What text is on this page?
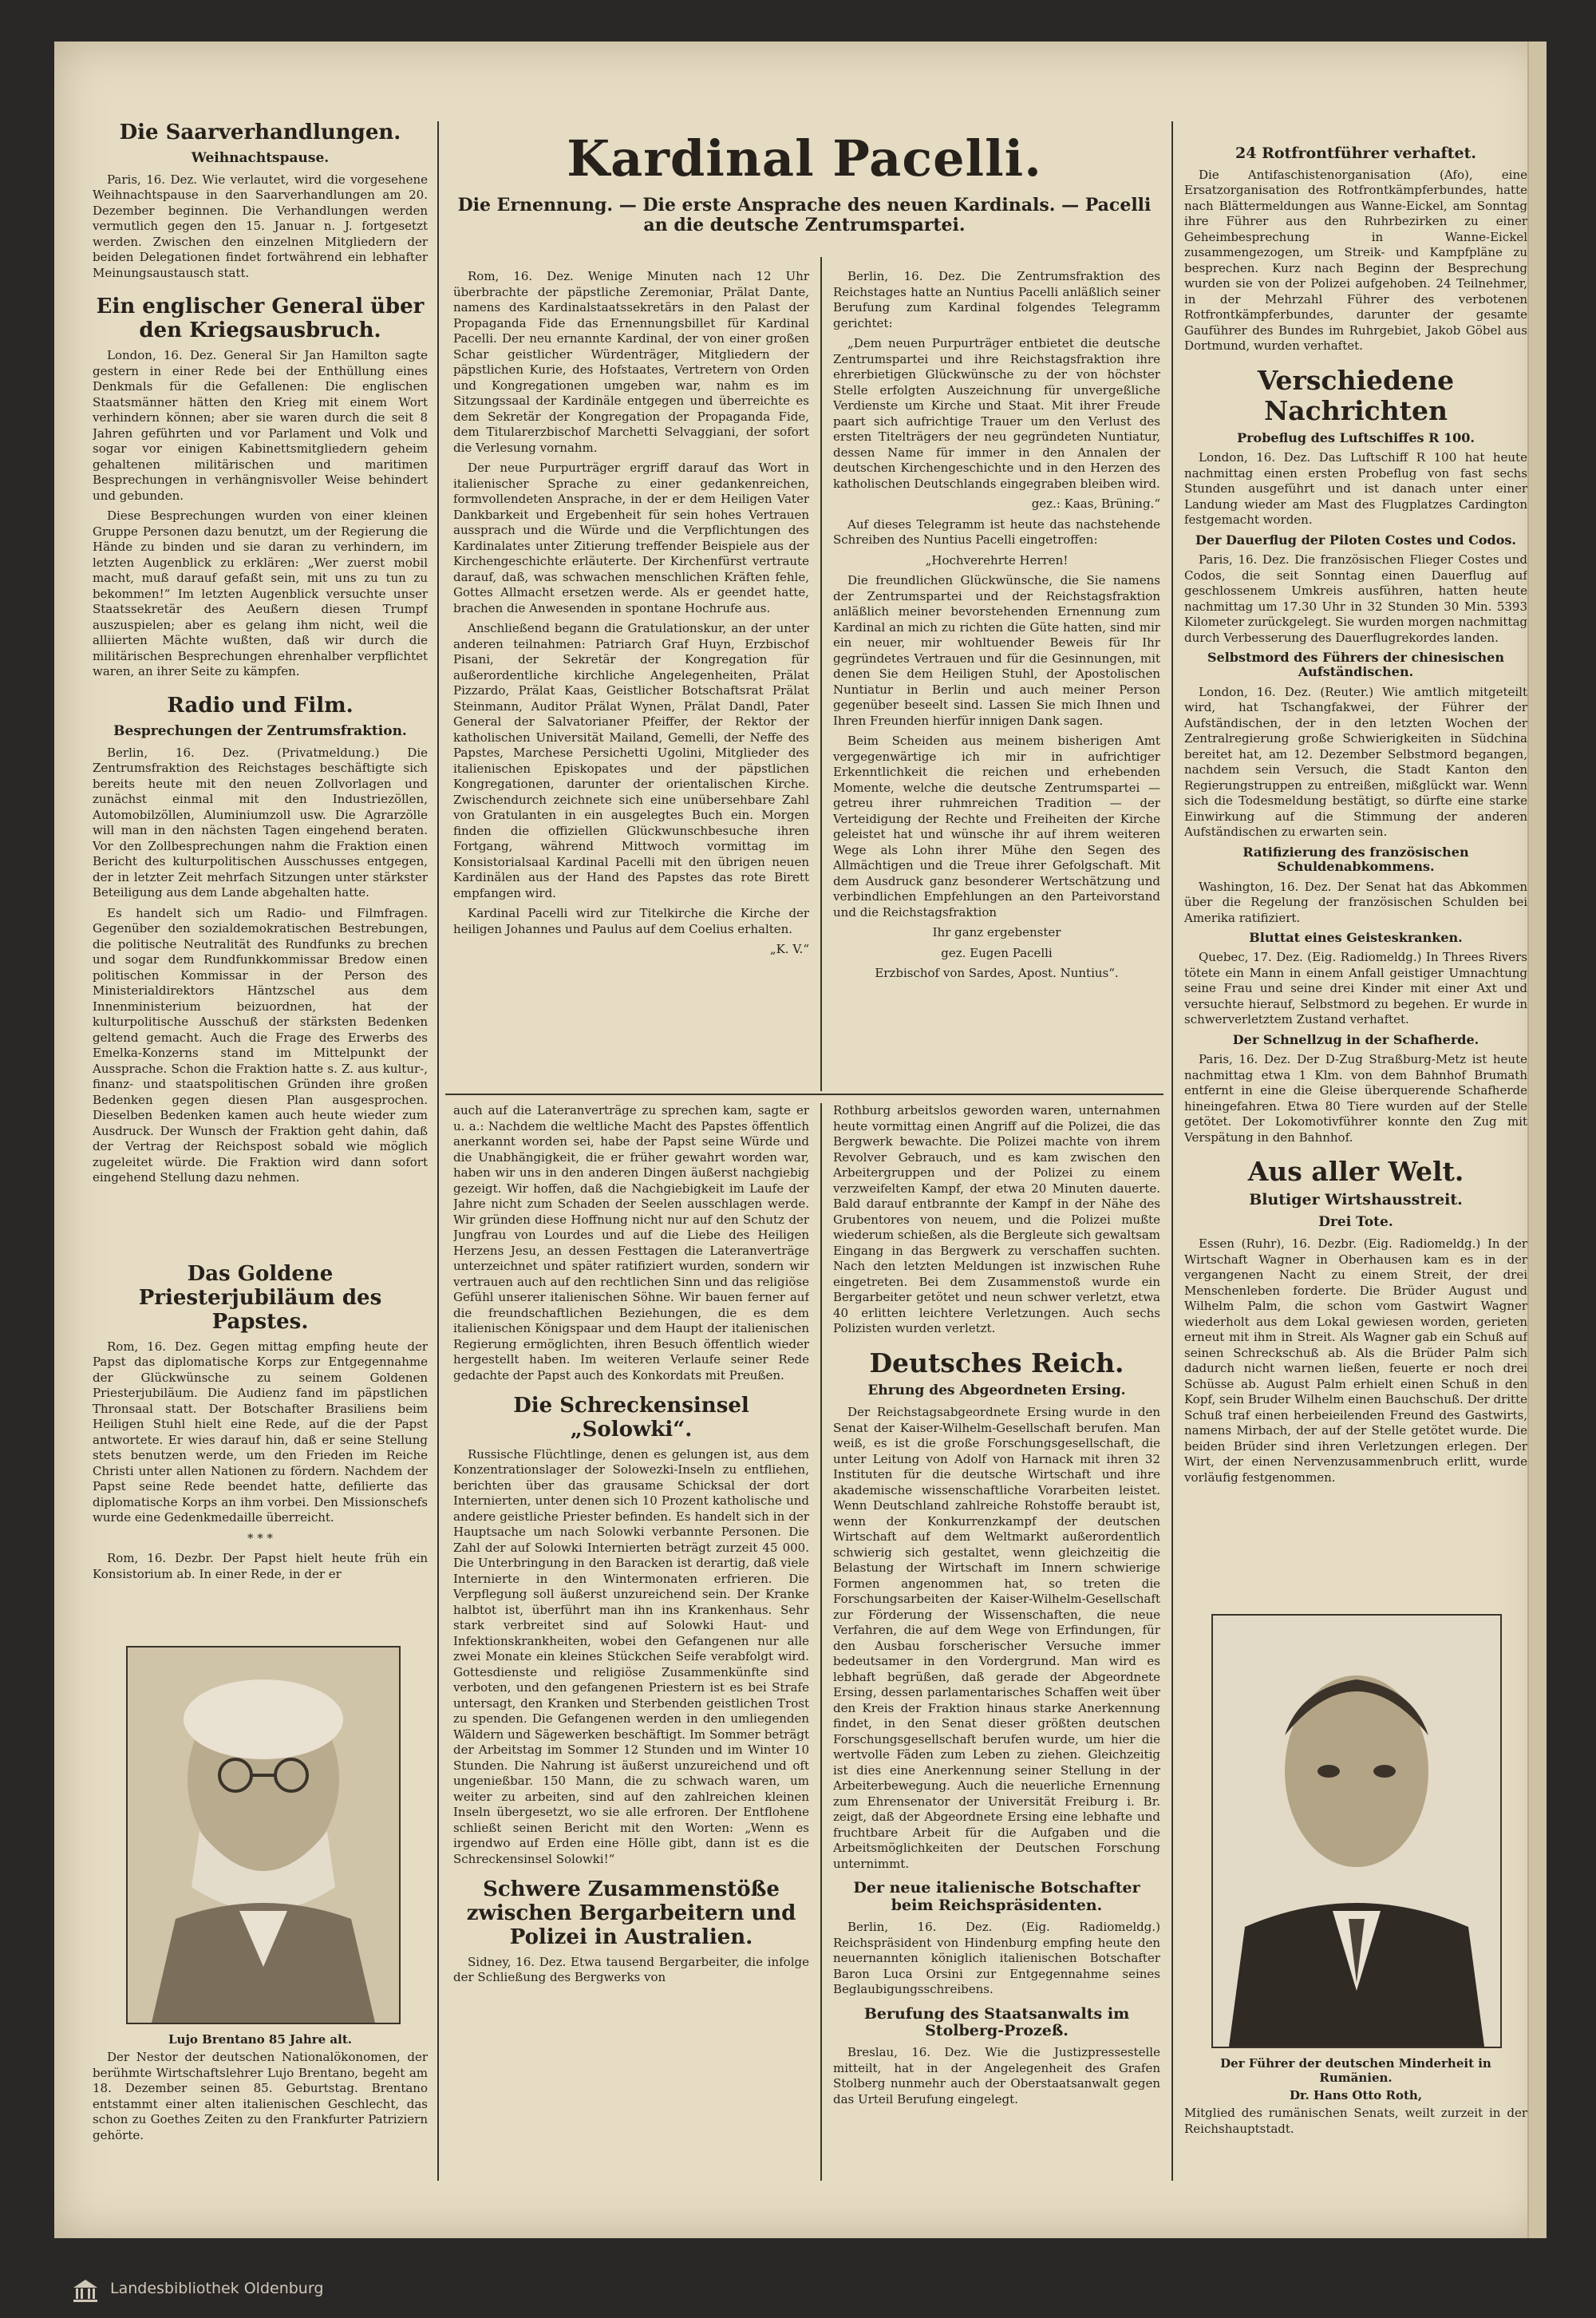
Die Saarverhandlungen.
Weihnachtspause.

Paris, 16. Dez. Wie verlautet, wird die vorgesehene Weihnachtspause in den Saarverhandlungen am 20. Dezember beginnen. Die Verhandlungen werden vermutlich gegen den 15. Januar n. J. fortgesetzt werden. Zwischen den einzelnen Mitgliedern der beiden Delegationen findet fortwährend ein lebhafter Meinungsaustausch statt.

Ein englischer General über den Kriegsausbruch.

London, 16. Dez. General Sir Jan Hamilton sagte gestern in einer Rede bei der Enthüllung eines Denkmals für die Gefallenen: Die englischen Staatsmänner hätten den Krieg mit einem Wort verhindern können; aber sie waren durch die seit 8 Jahren geführten und vor Parlament und Volk und sogar vor einigen Kabinettsmitgliedern geheim gehaltenen militärischen und maritimen Besprechungen in verhängnisvoller Weise behindert und gebunden.

Diese Besprechungen wurden von einer kleinen Gruppe Personen dazu benutzt, um der Regierung die Hände zu binden und sie daran zu verhindern, im letzten Augenblick zu erklären: „Wer zuerst mobil macht, muß darauf gefaßt sein, mit uns zu tun zu bekommen!“ Im letzten Augenblick versuchte unser Staatssekretär des Aeußern diesen Trumpf auszuspielen; aber es gelang ihm nicht, weil die alliierten Mächte wußten, daß wir durch die militärischen Besprechungen ehrenhalber verpflichtet waren, an ihrer Seite zu kämpfen.

Radio und Film.
Besprechungen der Zentrumsfraktion.

Berlin, 16. Dez. (Privatmeldung.) Die Zentrumsfraktion des Reichstages beschäftigte sich bereits heute mit den neuen Zollvorlagen und zunächst einmal mit den Industriezöllen, Automobilzöllen, Aluminiumzoll usw. Die Agrarzölle will man in den nächsten Tagen eingehend beraten. Vor den Zollbesprechungen nahm die Fraktion einen Bericht des kulturpolitischen Ausschusses entgegen, der in letzter Zeit mehrfach Sitzungen unter stärkster Beteiligung aus dem Lande abgehalten hatte.

Es handelt sich um Radio- und Filmfragen. Gegenüber den sozialdemokratischen Bestrebungen, die politische Neutralität des Rundfunks zu brechen und sogar dem Rundfunkkommissar Bredow einen politischen Kommissar in der Person des Ministerialdirektors Häntzschel aus dem Innenministerium beizuordnen, hat der kulturpolitische Ausschuß der stärksten Bedenken geltend gemacht. Auch die Frage des Erwerbs des Emelka-Konzerns stand im Mittelpunkt der Aussprache. Schon die Fraktion hatte s. Z. aus kultur-, finanz- und staatspolitischen Gründen ihre großen Bedenken gegen diesen Plan ausgesprochen. Dieselben Bedenken kamen auch heute wieder zum Ausdruck. Der Wunsch der Fraktion geht dahin, daß der Vertrag der Reichspost sobald wie möglich zugeleitet würde. Die Fraktion wird dann sofort eingehend Stellung dazu nehmen.

Das Goldene Priesterjubiläum des Papstes.

Rom, 16. Dez. Gegen mittag empfing heute der Papst das diplomatische Korps zur Entgegennahme der Glückwünsche zu seinem Goldenen Priesterjubiläum. Die Audienz fand im päpstlichen Thronsaal statt. Der Botschafter Brasiliens beim Heiligen Stuhl hielt eine Rede, auf die der Papst antwortete. Er wies darauf hin, daß er seine Stellung stets benutzen werde, um den Frieden im Reiche Christi unter allen Nationen zu fördern. Nachdem der Papst seine Rede beendet hatte, defilierte das diplomatische Korps an ihm vorbei. Den Missionschefs wurde eine Gedenkmedaille überreicht.

* * *

Rom, 16. Dezbr. Der Papst hielt heute früh ein Konsistorium ab. In einer Rede, in der er

Lujo Brentano 85 Jahre alt.

Der Nestor der deutschen Nationalökonomen, der berühmte Wirtschaftslehrer Lujo Brentano, begeht am 18. Dezember seinen 85. Geburtstag. Brentano entstammt einer alten italienischen Geschlecht, das schon zu Goethes Zeiten zu den Frankfurter Patriziern gehörte.

Kardinal Pacelli.
Die Ernennung. — Die erste Ansprache des neuen Kardinals. — Pacelli an die deutsche Zentrumspartei.

Rom, 16. Dez. Wenige Minuten nach 12 Uhr überbrachte der päpstliche Zeremoniar, Prälat Dante, namens des Kardinalstaatssekretärs in den Palast der Propaganda Fide das Ernennungsbillet für Kardinal Pacelli. Der neu ernannte Kardinal, der von einer großen Schar geistlicher Würdenträger, Mitgliedern der päpstlichen Kurie, des Hofstaates, Vertretern von Orden und Kongregationen umgeben war, nahm es im Sitzungssaal der Kardinäle entgegen und überreichte es dem Sekretär der Kongregation der Propaganda Fide, dem Titularerzbischof Marchetti Selvaggiani, der sofort die Verlesung vornahm.

Der neue Purpurträger ergriff darauf das Wort in italienischer Sprache zu einer gedankenreichen, formvollendeten Ansprache, in der er dem Heiligen Vater Dankbarkeit und Ergebenheit für sein hohes Vertrauen aussprach und die Würde und die Verpflichtungen des Kardinalates unter Zitierung treffender Beispiele aus der Kirchengeschichte erläuterte. Der Kirchenfürst vertraute darauf, daß, was schwachen menschlichen Kräften fehle, Gottes Allmacht ersetzen werde. Als er geendet hatte, brachen die Anwesenden in spontane Hochrufe aus.

Anschließend begann die Gratulationskur, an der unter anderen teilnahmen: Patriarch Graf Huyn, Erzbischof Pisani, der Sekretär der Kongregation für außerordentliche kirchliche Angelegenheiten, Prälat Pizzardo, Prälat Kaas, Geistlicher Botschaftsrat Prälat Steinmann, Auditor Prälat Wynen, Prälat Dandl, Pater General der Salvatorianer Pfeiffer, der Rektor der katholischen Universität Mailand, Gemelli, der Neffe des Papstes, Marchese Persichetti Ugolini, Mitglieder des italienischen Episkopates und der päpstlichen Kongregationen, darunter der orientalischen Kirche. Zwischendurch zeichnete sich eine unübersehbare Zahl von Gratulanten in ein ausgelegtes Buch ein. Morgen finden die offiziellen Glückwunschbesuche ihren Fortgang, während Mittwoch vormittag im Konsistorialsaal Kardinal Pacelli mit den übrigen neuen Kardinälen aus der Hand des Papstes das rote Birett empfangen wird.

Kardinal Pacelli wird zur Titelkirche die Kirche der heiligen Johannes und Paulus auf dem Coelius erhalten.

„K. V.“

Berlin, 16. Dez. Die Zentrumsfraktion des Reichstages hatte an Nuntius Pacelli anläßlich seiner Berufung zum Kardinal folgendes Telegramm gerichtet:

„Dem neuen Purpurträger entbietet die deutsche Zentrumspartei und ihre Reichstagsfraktion ihre ehrerbietigen Glückwünsche zu der von höchster Stelle erfolgten Auszeichnung für unvergeßliche Verdienste um Kirche und Staat. Mit ihrer Freude paart sich aufrichtige Trauer um den Verlust des ersten Titelträgers der neu gegründeten Nuntiatur, dessen Name für immer in den Annalen der deutschen Kirchengeschichte und in den Herzen des katholischen Deutschlands eingegraben bleiben wird.

gez.: Kaas, Brüning.“

Auf dieses Telegramm ist heute das nachstehende Schreiben des Nuntius Pacelli eingetroffen:

„Hochverehrte Herren!

Die freundlichen Glückwünsche, die Sie namens der Zentrumspartei und der Reichstagsfraktion anläßlich meiner bevorstehenden Ernennung zum Kardinal an mich zu richten die Güte hatten, sind mir ein neuer, mir wohltuender Beweis für Ihr gegründetes Vertrauen und für die Gesinnungen, mit denen Sie dem Heiligen Stuhl, der Apostolischen Nuntiatur in Berlin und auch meiner Person gegenüber beseelt sind. Lassen Sie mich Ihnen und Ihren Freunden hierfür innigen Dank sagen.

Beim Scheiden aus meinem bisherigen Amt vergegenwärtige ich mir in aufrichtiger Erkenntlichkeit die reichen und erhebenden Momente, welche die deutsche Zentrumspartei — getreu ihrer ruhmreichen Tradition — der Verteidigung der Rechte und Freiheiten der Kirche geleistet hat und wünsche ihr auf ihrem weiteren Wege als Lohn ihrer Mühe den Segen des Allmächtigen und die Treue ihrer Gefolgschaft. Mit dem Ausdruck ganz besonderer Wertschätzung und verbindlichen Empfehlungen an den Parteivorstand und die Reichstagsfraktion

Ihr ganz ergebenster

gez. Eugen Pacelli

Erzbischof von Sardes, Apost. Nuntius“.

auch auf die Lateranverträge zu sprechen kam, sagte er u. a.: Nachdem die weltliche Macht des Papstes öffentlich anerkannt worden sei, habe der Papst seine Würde und die Unabhängigkeit, die er früher gewahrt worden war, haben wir uns in den anderen Dingen äußerst nachgiebig gezeigt. Wir hoffen, daß die Nachgiebigkeit im Laufe der Jahre nicht zum Schaden der Seelen ausschlagen werde. Wir gründen diese Hoffnung nicht nur auf den Schutz der Jungfrau von Lourdes und auf die Liebe des Heiligen Herzens Jesu, an dessen Festtagen die Lateranverträge unterzeichnet und später ratifiziert wurden, sondern wir vertrauen auch auf den rechtlichen Sinn und das religiöse Gefühl unserer italienischen Söhne. Wir bauen ferner auf die freundschaftlichen Beziehungen, die es dem italienischen Königspaar und dem Haupt der italienischen Regierung ermöglichten, ihren Besuch öffentlich wieder hergestellt haben. Im weiteren Verlaufe seiner Rede gedachte der Papst auch des Konkordats mit Preußen.

Die Schreckensinsel „Solowki“.

Russische Flüchtlinge, denen es gelungen ist, aus dem Konzentrationslager der Solowezki-Inseln zu entfliehen, berichten über das grausame Schicksal der dort Internierten, unter denen sich 10 Prozent katholische und andere geistliche Priester befinden. Es handelt sich in der Hauptsache um nach Solowki verbannte Personen. Die Zahl der auf Solowki Internierten beträgt zurzeit 45 000. Die Unterbringung in den Baracken ist derartig, daß viele Internierte in den Wintermonaten erfrieren. Die Verpflegung soll äußerst unzureichend sein. Der Kranke halbtot ist, überführt man ihn ins Krankenhaus. Sehr stark verbreitet sind auf Solowki Haut- und Infektionskrankheiten, wobei den Gefangenen nur alle zwei Monate ein kleines Stückchen Seife verabfolgt wird. Gottesdienste und religiöse Zusammenkünfte sind verboten, und den gefangenen Priestern ist es bei Strafe untersagt, den Kranken und Sterbenden geistlichen Trost zu spenden. Die Gefangenen werden in den umliegenden Wäldern und Sägewerken beschäftigt. Im Sommer beträgt der Arbeitstag im Sommer 12 Stunden und im Winter 10 Stunden. Die Nahrung ist äußerst unzureichend und oft ungenießbar. 150 Mann, die zu schwach waren, um weiter zu arbeiten, sind auf den zahlreichen kleinen Inseln übergesetzt, wo sie alle erfroren. Der Entflohene schließt seinen Bericht mit den Worten: „Wenn es irgendwo auf Erden eine Hölle gibt, dann ist es die Schreckensinsel Solowki!“

Schwere Zusammenstöße zwischen Bergarbeitern und Polizei in Australien.

Sidney, 16. Dez. Etwa tausend Bergarbeiter, die infolge der Schließung des Bergwerks von

Rothburg arbeitslos geworden waren, unternahmen heute vormittag einen Angriff auf die Polizei, die das Bergwerk bewachte. Die Polizei machte von ihrem Revolver Gebrauch, und es kam zwischen den Arbeitergruppen und der Polizei zu einem verzweifelten Kampf, der etwa 20 Minuten dauerte. Bald darauf entbrannte der Kampf in der Nähe des Grubentores von neuem, und die Polizei mußte wiederum schießen, als die Bergleute sich gewaltsam Eingang in das Bergwerk zu verschaffen suchten. Nach den letzten Meldungen ist inzwischen Ruhe eingetreten. Bei dem Zusammenstoß wurde ein Bergarbeiter getötet und neun schwer verletzt, etwa 40 erlitten leichtere Verletzungen. Auch sechs Polizisten wurden verletzt.

Deutsches Reich.
Ehrung des Abgeordneten Ersing.

Der Reichstagsabgeordnete Ersing wurde in den Senat der Kaiser-Wilhelm-Gesellschaft berufen. Man weiß, es ist die große Forschungsgesellschaft, die unter Leitung von Adolf von Harnack mit ihren 32 Instituten für die deutsche Wirtschaft und ihre akademische wissenschaftliche Vorarbeiten leistet. Wenn Deutschland zahlreiche Rohstoffe beraubt ist, wenn der Konkurrenzkampf der deutschen Wirtschaft auf dem Weltmarkt außerordentlich schwierig sich gestaltet, wenn gleichzeitig die Belastung der Wirtschaft im Innern schwierige Formen angenommen hat, so treten die Forschungsarbeiten der Kaiser-Wilhelm-Gesellschaft zur Förderung der Wissenschaften, die neue Verfahren, die auf dem Wege von Erfindungen, für den Ausbau forscherischer Versuche immer bedeutsamer in den Vordergrund. Man wird es lebhaft begrüßen, daß gerade der Abgeordnete Ersing, dessen parlamentarisches Schaffen weit über den Kreis der Fraktion hinaus starke Anerkennung findet, in den Senat dieser größten deutschen Forschungsgesellschaft berufen wurde, um hier die wertvolle Fäden zum Leben zu ziehen. Gleichzeitig ist dies eine Anerkennung seiner Stellung in der Arbeiterbewegung. Auch die neuerliche Ernennung zum Ehrensenator der Universität Freiburg i. Br. zeigt, daß der Abgeordnete Ersing eine lebhafte und fruchtbare Arbeit für die Aufgaben und die Arbeitsmöglichkeiten der Deutschen Forschung unternimmt.

Der neue italienische Botschafter beim Reichspräsidenten.

Berlin, 16. Dez. (Eig. Radiomeldg.) Reichspräsident von Hindenburg empfing heute den neuernannten königlich italienischen Botschafter Baron Luca Orsini zur Entgegennahme seines Beglaubigungsschreibens.

Berufung des Staatsanwalts im Stolberg-Prozeß.

Breslau, 16. Dez. Wie die Justizpressestelle mitteilt, hat in der Angelegenheit des Grafen Stolberg nunmehr auch der Oberstaatsanwalt gegen das Urteil Berufung eingelegt.

24 Rotfrontführer verhaftet.

Die Antifaschistenorganisation (Afo), eine Ersatzorganisation des Rotfrontkämpferbundes, hatte nach Blättermeldungen aus Wanne-Eickel, am Sonntag ihre Führer aus den Ruhrbezirken zu einer Geheimbesprechung in Wanne-Eickel zusammengezogen, um Streik- und Kampfpläne zu besprechen. Kurz nach Beginn der Besprechung wurden sie von der Polizei aufgehoben. 24 Teilnehmer, in der Mehrzahl Führer des verbotenen Rotfrontkämpferbundes, darunter der gesamte Gauführer des Bundes im Ruhrgebiet, Jakob Göbel aus Dortmund, wurden verhaftet.

Verschiedene Nachrichten
Probeflug des Luftschiffes R 100.

London, 16. Dez. Das Luftschiff R 100 hat heute nachmittag einen ersten Probeflug von fast sechs Stunden ausgeführt und ist danach unter einer Landung wieder am Mast des Flugplatzes Cardington festgemacht worden.

Der Dauerflug der Piloten Costes und Codos.

Paris, 16. Dez. Die französischen Flieger Costes und Codos, die seit Sonntag einen Dauerflug auf geschlossenem Umkreis ausführen, hatten heute nachmittag um 17.30 Uhr in 32 Stunden 30 Min. 5393 Kilometer zurückgelegt. Sie wurden morgen nachmittag durch Verbesserung des Dauerflugrekordes landen.

Selbstmord des Führers der chinesischen Aufständischen.

London, 16. Dez. (Reuter.) Wie amtlich mitgeteilt wird, hat Tschangfakwei, der Führer der Aufständischen, der in den letzten Wochen der Zentralregierung große Schwierigkeiten in Südchina bereitet hat, am 12. Dezember Selbstmord begangen, nachdem sein Versuch, die Stadt Kanton den Regierungstruppen zu entreißen, mißglückt war. Wenn sich die Todesmeldung bestätigt, so dürfte eine starke Einwirkung auf die Stimmung der anderen Aufständischen zu erwarten sein.

Ratifizierung des französischen Schuldenabkommens.

Washington, 16. Dez. Der Senat hat das Abkommen über die Regelung der französischen Schulden bei Amerika ratifiziert.

Bluttat eines Geisteskranken.

Quebec, 17. Dez. (Eig. Radiomeldg.) In Threes Rivers tötete ein Mann in einem Anfall geistiger Umnachtung seine Frau und seine drei Kinder mit einer Axt und versuchte hierauf, Selbstmord zu begehen. Er wurde in schwerverletztem Zustand verhaftet.

Der Schnellzug in der Schafherde.

Paris, 16. Dez. Der D-Zug Straßburg-Metz ist heute nachmittag etwa 1 Klm. von dem Bahnhof Brumath entfernt in eine die Gleise überquerende Schafherde hineingefahren. Etwa 80 Tiere wurden auf der Stelle getötet. Der Lokomotivführer konnte den Zug mit Verspätung in den Bahnhof.

Aus aller Welt.
Blutiger Wirtshausstreit.
Drei Tote.

Essen (Ruhr), 16. Dezbr. (Eig. Radiomeldg.) In der Wirtschaft Wagner in Oberhausen kam es in der vergangenen Nacht zu einem Streit, der drei Menschenleben forderte. Die Brüder August und Wilhelm Palm, die schon vom Gastwirt Wagner wiederholt aus dem Lokal gewiesen worden, gerieten erneut mit ihm in Streit. Als Wagner gab ein Schuß auf seinen Schreckschuß ab. Als die Brüder Palm sich dadurch nicht warnen ließen, feuerte er noch drei Schüsse ab. August Palm erhielt einen Schuß in den Kopf, sein Bruder Wilhelm einen Bauchschuß. Der dritte Schuß traf einen herbeieilenden Freund des Gastwirts, namens Mirbach, der auf der Stelle getötet wurde. Die beiden Brüder sind ihren Verletzungen erlegen. Der Wirt, der einen Nervenzusammenbruch erlitt, wurde vorläufig festgenommen.

Der Führer der deutschen Minderheit in Rumänien.
Dr. Hans Otto Roth,

Mitglied des rumänischen Senats, weilt zurzeit in der Reichshauptstadt.

Landesbibliothek Oldenburg
